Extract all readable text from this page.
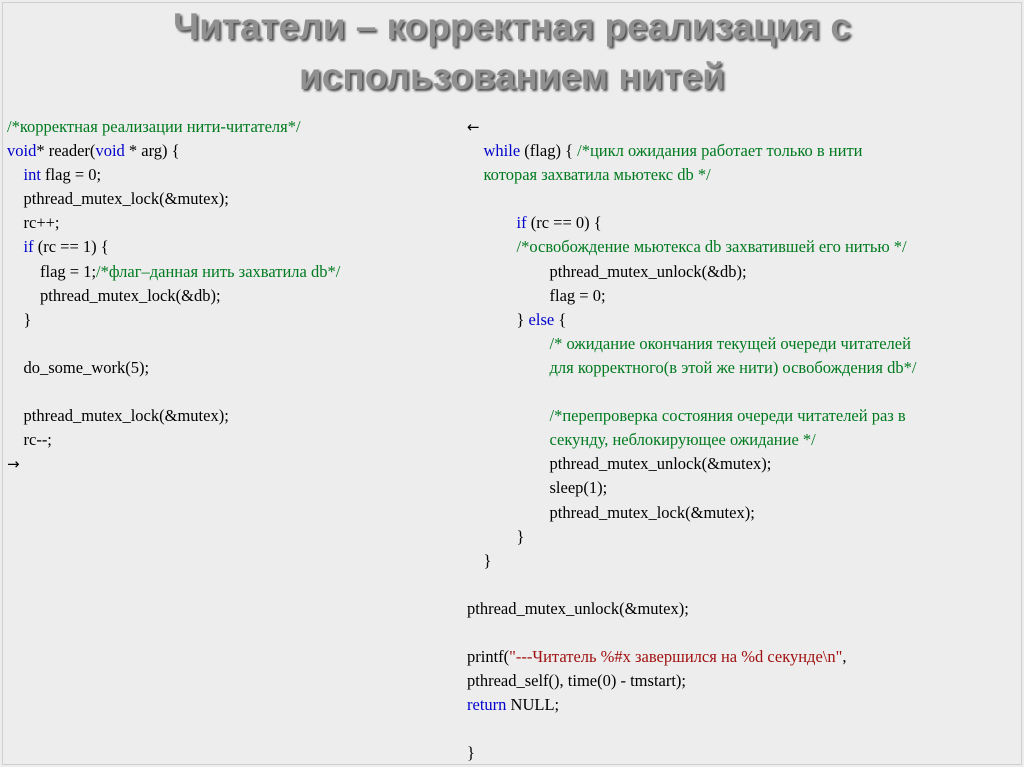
Читатели – корректная реализация с
использованием нитей
/*корректная реализации нити-читателя*/
void* reader(void * arg) {
int flag = 0;
pthread_mutex_lock(&mutex);
rc++;
if (rc == 1) {
flag = 1;/*флаг–данная нить захватила db*/
pthread_mutex_lock(&db);
}
do_some_work(5);
pthread_mutex_lock(&mutex);
rc--;
→
←
while (flag) { /*цикл ожидания работает только в нити
которая захватила мьютекс db */
if (rc == 0) {
/*освобождение мьютекса db захватившей его нитью */
pthread_mutex_unlock(&db);
flag = 0;
} else {
/* ожидание окончания текущей очереди читателей
для корректного(в этой же нити) освобождения db*/
/*перепроверка состояния очереди читателей раз в
секунду, неблокирующее ожидание */
pthread_mutex_unlock(&mutex);
sleep(1);
pthread_mutex_lock(&mutex);
}
}
pthread_mutex_unlock(&mutex);
printf("---Читатель %#x завершился на %d секунде\n",
pthread_self(), time(0) - tmstart);
return NULL;
}
